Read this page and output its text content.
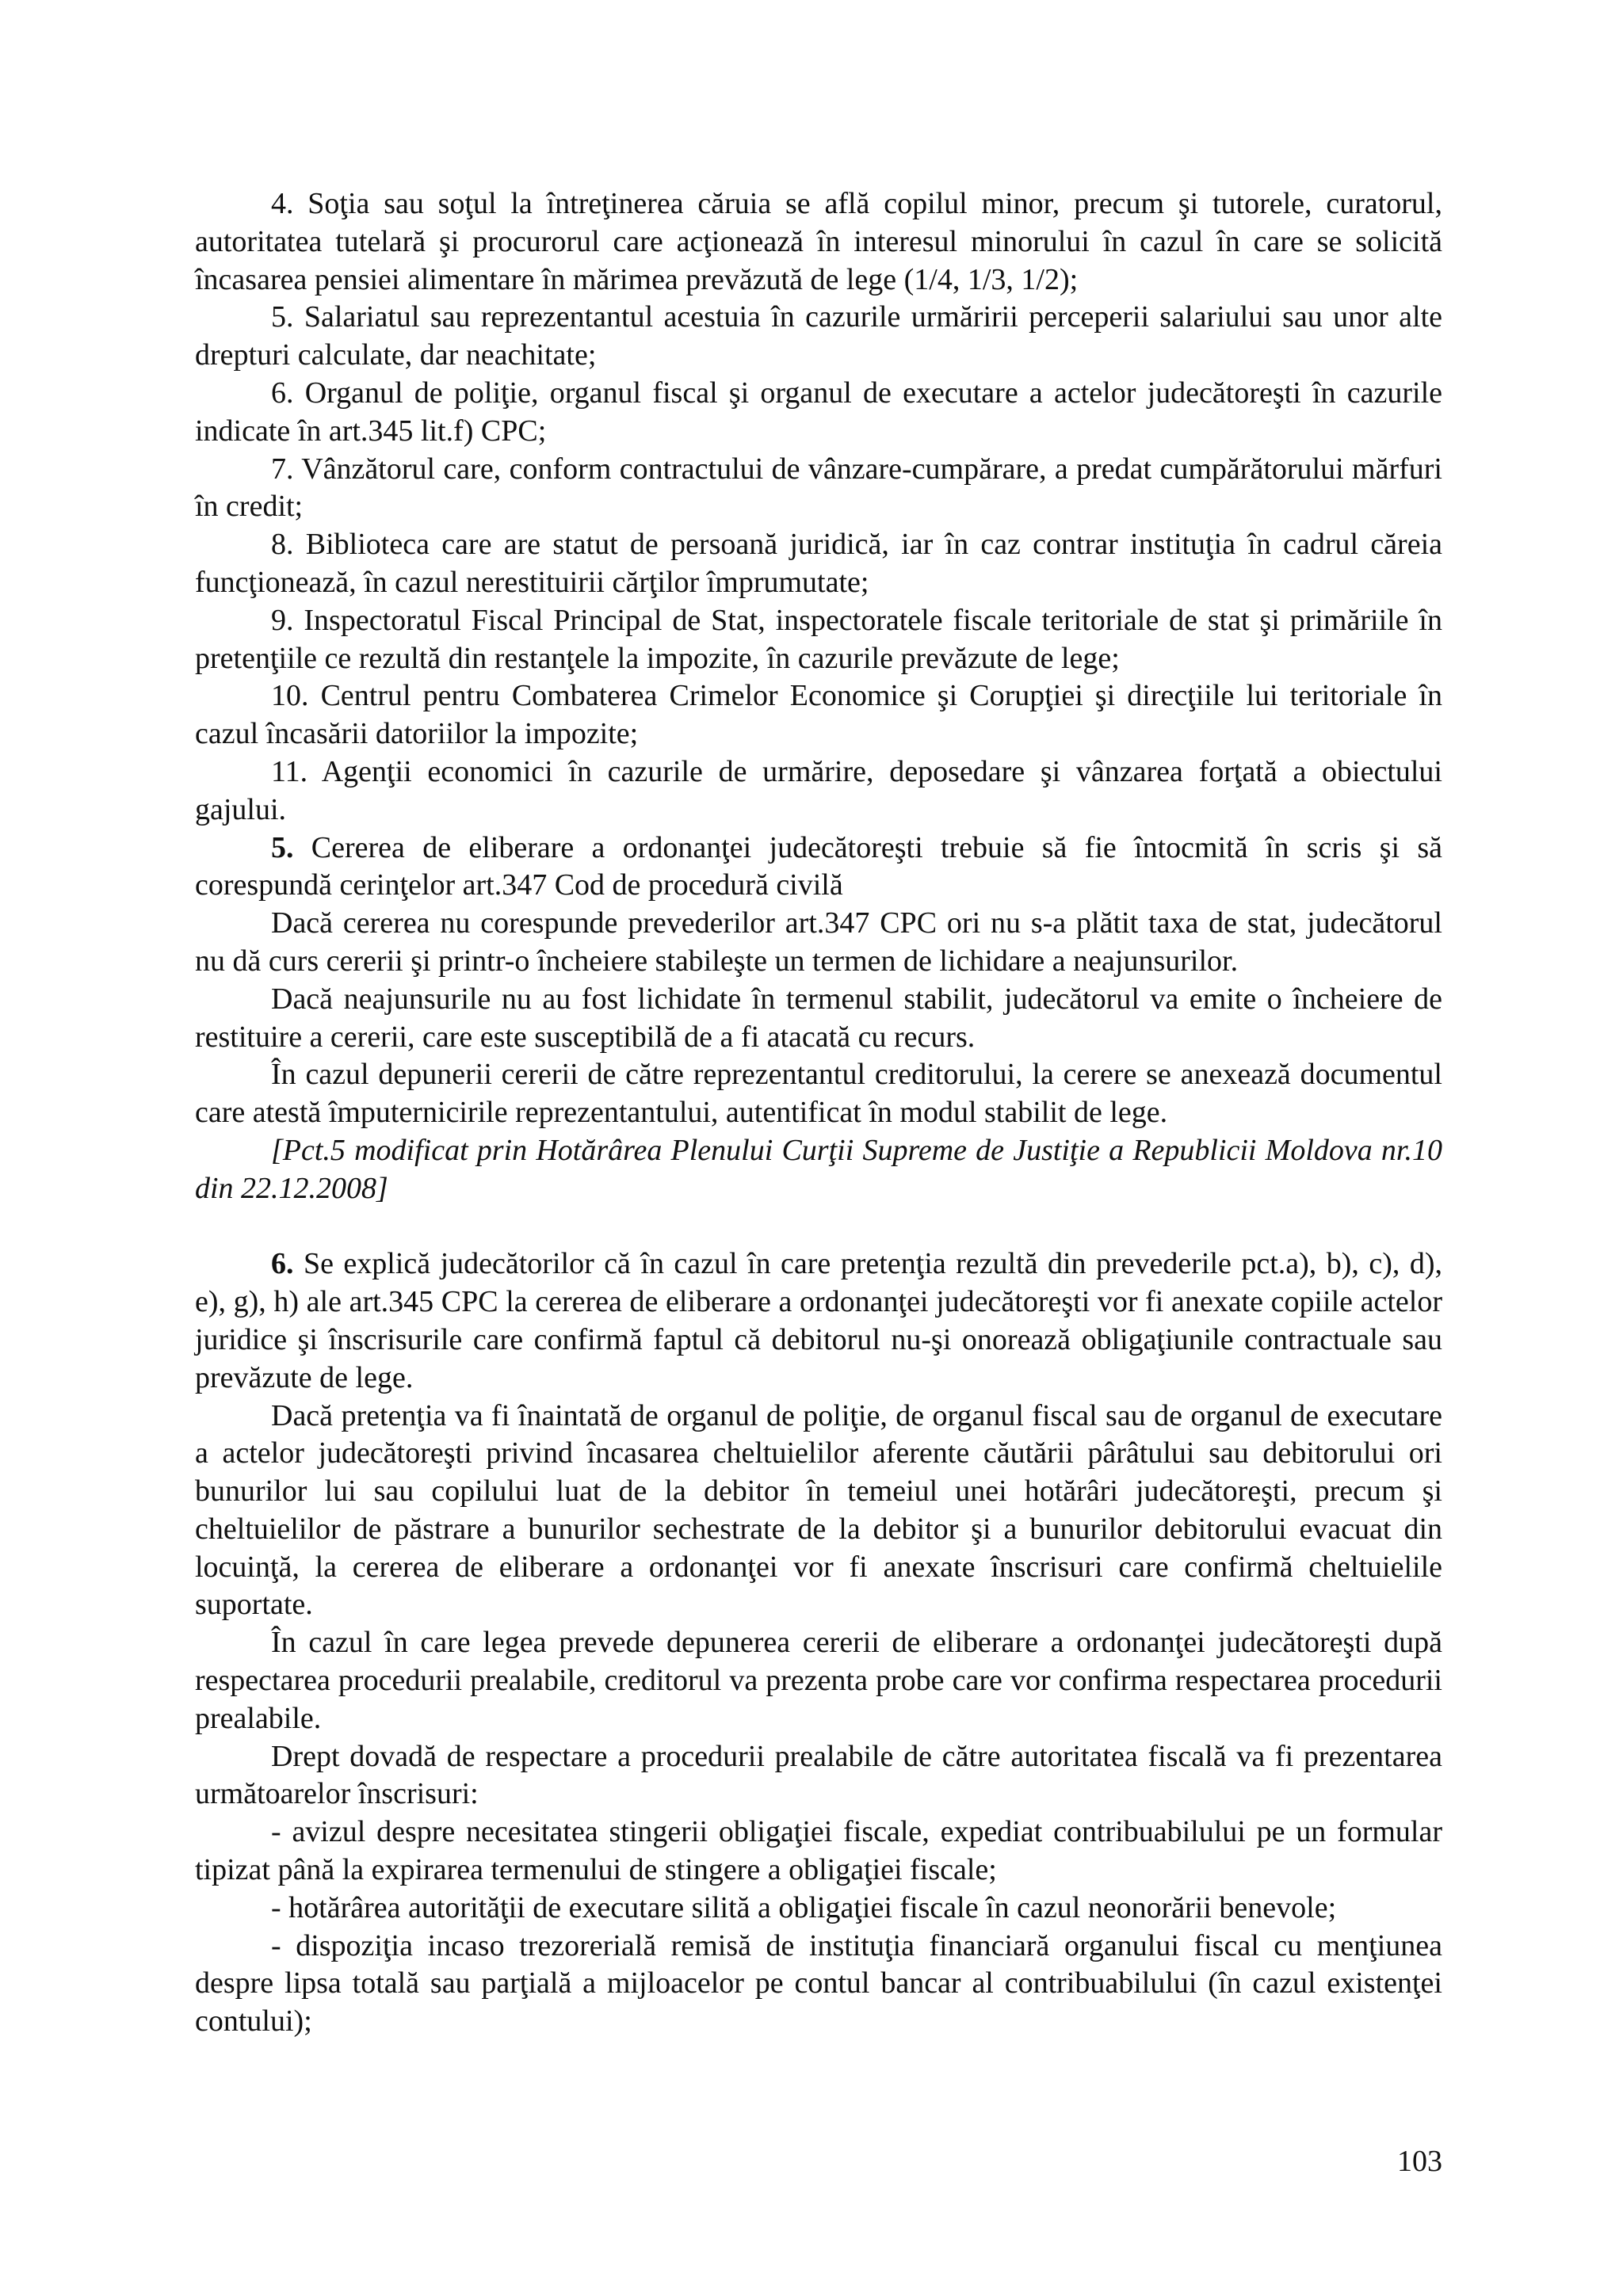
4. Soţia sau soţul la întreţinerea căruia se află copilul minor, precum şi tutorele, curatorul, autoritatea tutelară şi procurorul care acţionează în interesul minorului în cazul în care se solicită încasarea pensiei alimentare în mărimea prevăzută de lege (1/4, 1/3, 1/2);

5. Salariatul sau reprezentantul acestuia în cazurile urmăririi perceperii salariului sau unor alte drepturi calculate, dar neachitate;

6. Organul de poliţie, organul fiscal şi organul de executare a actelor judecătoreşti în cazurile indicate în art.345 lit.f) CPC;

7. Vânzătorul care, conform contractului de vânzare-cumpărare, a predat cumpărătorului mărfuri în credit;

8. Biblioteca care are statut de persoană juridică, iar în caz contrar instituţia în cadrul căreia funcţionează, în cazul nerestituirii cărţilor împrumutate;

9. Inspectoratul Fiscal Principal de Stat, inspectoratele fiscale teritoriale de stat şi primăriile în pretenţiile ce rezultă din restanţele la impozite, în cazurile prevăzute de lege;

10. Centrul pentru Combaterea Crimelor Economice şi Corupţiei şi direcţiile lui teritoriale în cazul încasării datoriilor la impozite;

11. Agenţii economici în cazurile de urmărire, deposedare şi vânzarea forţată a obiectului gajului.

5. Cererea de eliberare a ordonanţei judecătoreşti trebuie să fie întocmită în scris şi să corespundă cerinţelor art.347 Cod de procedură civilă

Dacă cererea nu corespunde prevederilor art.347 CPC ori nu s-a plătit taxa de stat, judecătorul nu dă curs cererii şi printr-o încheiere stabileşte un termen de lichidare a neajunsurilor.

Dacă neajunsurile nu au fost lichidate în termenul stabilit, judecătorul va emite o încheiere de restituire a cererii, care este susceptibilă de a fi atacată cu recurs.

În cazul depunerii cererii de către reprezentantul creditorului, la cerere se anexează documentul care atestă împuternicirile reprezentantului, autentificat în modul stabilit de lege.

[Pct.5 modificat prin Hotărârea Plenului Curţii Supreme de Justiţie a Republicii Moldova nr.10 din 22.12.2008]

6. Se explică judecătorilor că în cazul în care pretenţia rezultă din prevederile pct.a), b), c), d), e), g), h) ale art.345 CPC la cererea de eliberare a ordonanţei judecătoreşti vor fi anexate copiile actelor juridice şi înscrisurile care confirmă faptul că debitorul nu-şi onorează obligaţiunile contractuale sau prevăzute de lege.

Dacă pretenţia va fi înaintată de organul de poliţie, de organul fiscal sau de organul de executare a actelor judecătoreşti privind încasarea cheltuielilor aferente căutării pârâtului sau debitorului ori bunurilor lui sau copilului luat de la debitor în temeiul unei hotărâri judecătoreşti, precum şi cheltuielilor de păstrare a bunurilor sechestrate de la debitor şi a bunurilor debitorului evacuat din locuinţă, la cererea de eliberare a ordonanţei vor fi anexate înscrisuri care confirmă cheltuielile suportate.

În cazul în care legea prevede depunerea cererii de eliberare a ordonanţei judecătoreşti după respectarea procedurii prealabile, creditorul va prezenta probe care vor confirma respectarea procedurii prealabile.

Drept dovadă de respectare a procedurii prealabile de către autoritatea fiscală va fi prezentarea următoarelor înscrisuri:

- avizul despre necesitatea stingerii obligaţiei fiscale, expediat contribuabilului pe un formular tipizat până la expirarea termenului de stingere a obligaţiei fiscale;

- hotărârea autorităţii de executare silită a obligaţiei fiscale în cazul neonorării benevole;

- dispoziţia incaso trezorerială remisă de instituţia financiară organului fiscal cu menţiunea despre lipsa totală sau parţială a mijloacelor pe contul bancar al contribuabilului (în cazul existenţei contului);

103
